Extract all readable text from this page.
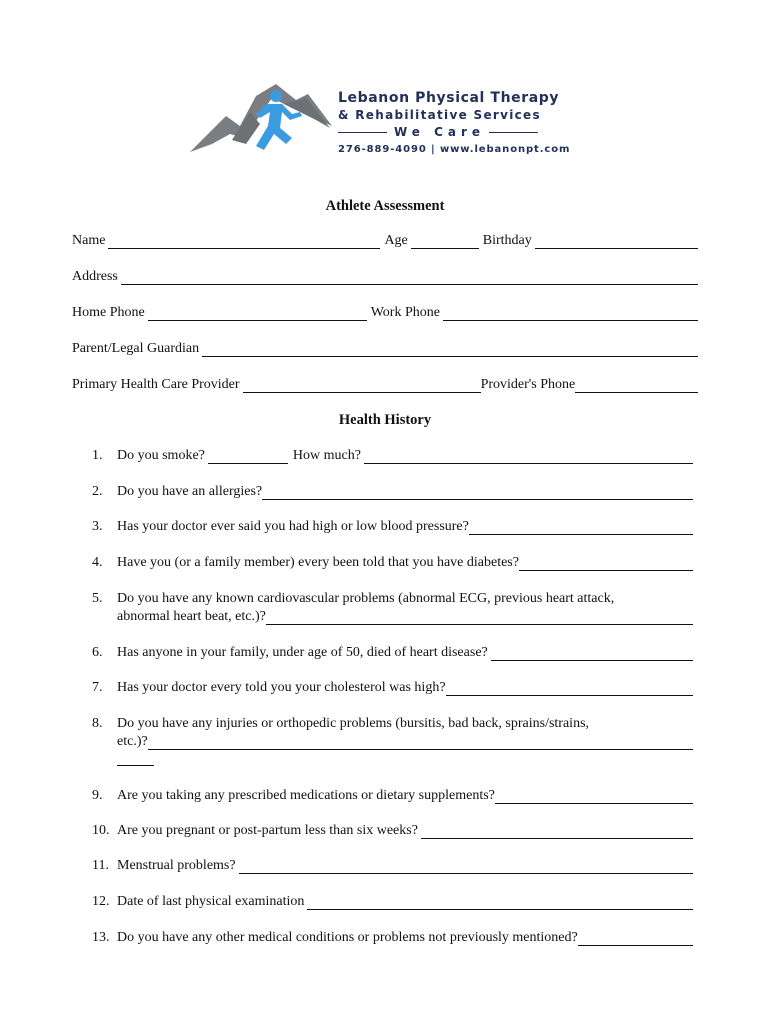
Lebanon Physical Therapy
& Rehabilitative Services
We Care
276-889-4090 | www.lebanonpt.com
Athlete Assessment
Name	Age	Birthday
Address
Home Phone	Work Phone
Parent/Legal Guardian
Primary Health Care Provider	Provider's Phone
Health History
1.	Do you smoke?	How much?
2.	Do you have an allergies?
3.	Has your doctor ever said you had high or low blood pressure?
4.	Have you (or a family member) every been told that you have diabetes?
5.	Do you have any known cardiovascular problems (abnormal ECG, previous heart attack,
abnormal heart beat, etc.)?
6.	Has anyone in your family, under age of 50, died of heart disease?
7.	Has your doctor every told you your cholesterol was high?
8.	Do you have any injuries or orthopedic problems (bursitis, bad back, sprains/strains,
etc.)?
9.	Are you taking any prescribed medications or dietary supplements?
10. Are you pregnant or post-partum less than six weeks?
11. Menstrual problems?
12. Date of last physical examination
13. Do you have any other medical conditions or problems not previously mentioned?
